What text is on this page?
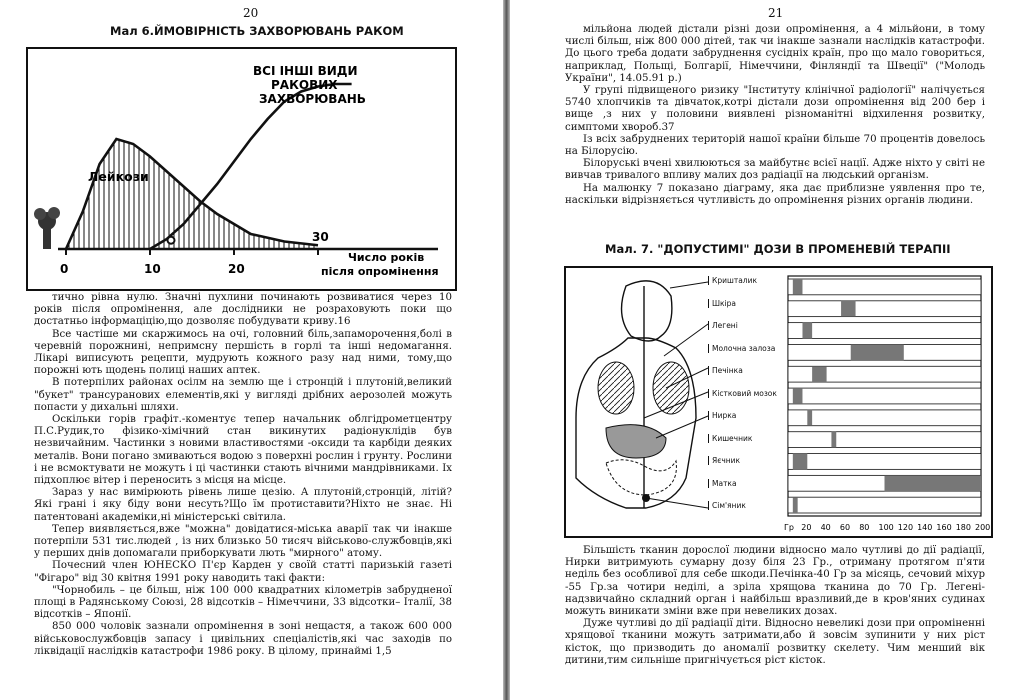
20
Мал 6.ЙМОВІРНІСТЬ ЗАХВОРЮВАНЬ РАКОМ
ВСІ ІНШІ ВИДИ
РАКОВИХ
ЗАХВОРЮВАНЬ
Лейкози
Число років
після опромінення
0	10	20
30

тично рівна нулю. Значні пухлини починають розвиватися через 10 років після опромінення, але дослідники не розраховують поки що достатньо інформаціцію,що дозволяє побудувати криву.16

Все частіше ми скаржимось на очі, головний біль,запаморочення,болі в черевній порожнині, непримсну першість в горлі та інші недомагання. Лікарі виписують рецепти, мудрують кожного разу над ними, тому,що порожні ють щодень полиці наших аптек.

В потерпілих районах осілм на землю ще і стронцій і плутоній,великий "букет" трансуранових елементів,які у вигляді дрібних аерозолей можуть попасти у дихальні шляхи.

Оскільки горів графіт.-коментує тепер начальник облгідрометцентру П.С.Рудик,то фізико-хімічний стан викинутих радіонуклідів був незвичайним. Частинки з новими властивостями -оксиди та карбіди деяких металів. Вони погано змиваються водою з поверхні рослин і грунту. Рослини і не всмоктувати не можуть і ці частинки стають вічними мандрівниками. Іх підхоплює вітер і переносить з місця на місце.

Зараз у нас вимірюють рівень лише цезію. А плутоній,стронцій, літій? Які грані і яку біду вони несуть?Що їм протиставити?Ніхто не знає. Ні патентовані академіки,ні міністерські світила.

Тепер виявляється,вже "можна" довідатися-міська аварії так чи інакше потерпіли 531 тис.людей , із них близько 50 тисяч військово-службовців,які у перших днів допомагали приборкувати лють "мирного" атому.

Почесний член ЮНЕСКО П'єр Карден у своїй статті паризькій газеті "Фігаро" від 30 квітня 1991 року наводить такі факти:

"Чорнобиль – це більш, ніж 100 000 квадратних кілометрів забрудненої площі в Радянському Союзі, 28 відсотків – Німеччини, 33 відсотки– Італії, 38 відсотків – Японії.

850 000 чоловік зазнали опромінення в зоні нещастя, а також 600 000 військовослужбовців запасу і цивільних спеціалістів,які час заходів по ліквідації наслідків катастрофи 1986 року. В цілому, принаймі 1,5

21

мільйона людей дістали різні дози опромінення, а 4 мільйони, в тому числі більш, ніж 800 000 дітей, так чи інакше зазнали наслідків катастрофи. До цього треба додати забруднення сусідніх країн, про що мало говориться, наприклад, Польщі, Болгарії, Німеччини, Фінляндії та Швеції" ("Молодь України", 14.05.91 р.)

У групі підвищеного ризику "Інституту клінічної радіології" налічується 5740 хлопчиків та дівчаток,котрі дістали дози опромінення від 200 бер і вище ,з них у половини виявлені різноманітні відхилення розвитку, симптоми хвороб.37

Із всіх забруднених територій нашої країни більше 70 процентів довелось на Білорусію.

Білоруські вчені хвилюються за майбутнє всієї нації. Адже ніхто у світі не вивчав тривалого впливу малих доз радіації на людський організм.

На малюнку 7 показано діаграму, яка дає приблизне уявлення про те, наскільки відрізняється чутливість до опромінення різних органів людини.

Мал. 7. "ДОПУСТИМІ" ДОЗИ В ПРОМЕНЕВІЙ ТЕРАПІІ
Кришталик
Шкіра
Легені
Молочна залоза
Печінка
Кістковий мозок
Нирка
Кишечник
Яєчник
Матка
Сім'яник
Гр 20 40 60 80 100 120 140 160 180 200

Більшість тканин дорослої людини відносно мало чутливі до дії радіації, Нирки витримують сумарну дозу біля 23 Гр., отриману протягом п'яти неділь без особливої для себе шкоди.Печінка-40 Гр за місяць, сечовий міхур -55 Гр.за чотири неділі, а зріла хрящова тканина до 70 Гр. Легені-надзвичайно складний орган і найбільш вразливий,де в кров'яних судинах можуть виникати зміни вже при невеликих дозах.

Дуже чутливі до дії радіації діти. Відносно невеликі дози при опроміненні хрящової тканини можуть затримати,або й зовсім зупинити у них ріст кісток, що призводить до аномалії розвитку скелету. Чим менший вік дитини,тим сильніше пригнічується ріст кісток.
